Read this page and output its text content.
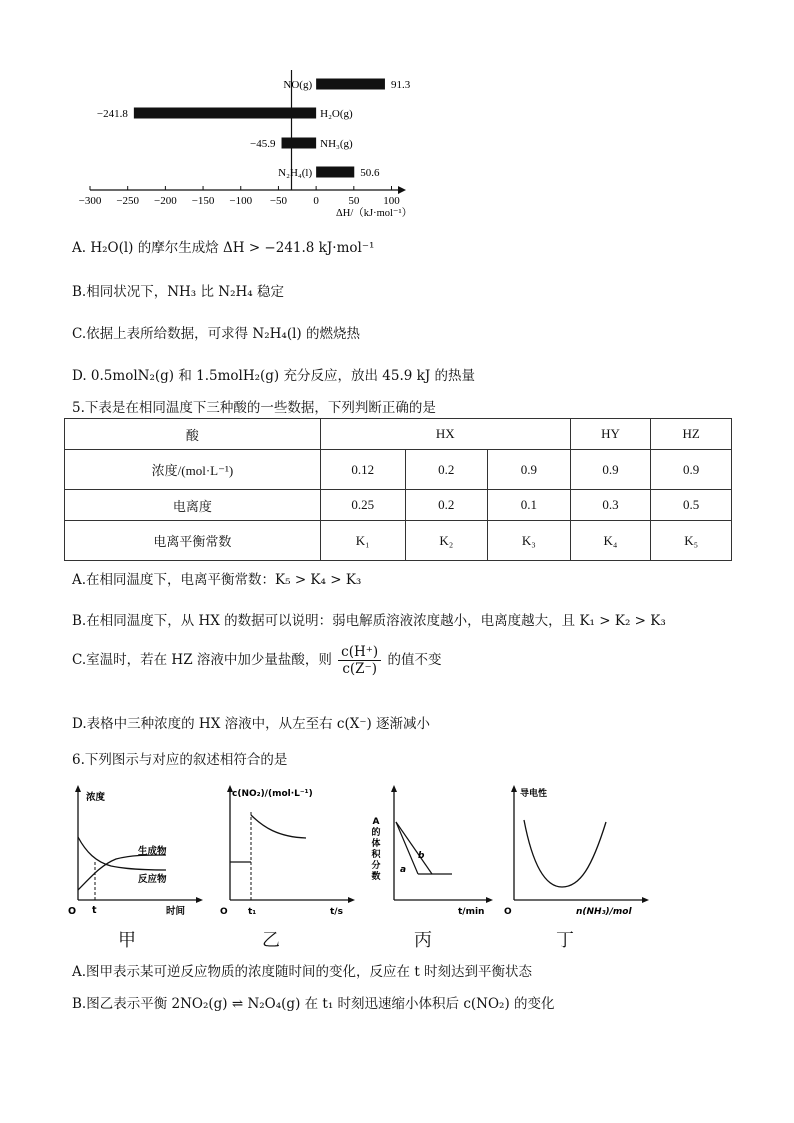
91.3
NO(g)
−241.8	H₂O(g)
−45.9	NH₃(g)
50.6
N₂H₄(l)
−300 −250 −200 −150 −100 −50 0	50 100
ΔH/（kJ·mol⁻¹）
A. H₂O(l) 的摩尔生成焓 ΔH > −241.8 kJ·mol⁻¹
B.相同状况下，NH₃ 比 N₂H₄ 稳定
C.依据上表所给数据，可求得 N₂H₄(l) 的燃烧热
D. 0.5molN₂(g) 和 1.5molH₂(g) 充分反应，放出 45.9 kJ 的热量
5.下表是在相同温度下三种酸的一些数据，下列判断正确的是
酸	HX			HY	HZ
浓度/(mol·L⁻¹)	0.12	0.2	0.9	0.9	0.9
电离度	0.25	0.2	0.1	0.3	0.5
电离平衡常数	K₁	K₂	K₃	K₄	K₅
A.在相同温度下，电离平衡常数：K₅ > K₄ > K₃
B.在相同温度下，从 HX 的数据可以说明：弱电解质溶液浓度越小，电离度越大，且 K₁ > K₂ > K₃
C.室温时，若在 HZ 溶液中加少量盐酸，则 $\frac{c(H^+)}{c(Z^-)}$ 的值不变
D.表格中三种浓度的 HX 溶液中，从左至右 c(X⁻) 逐渐减小
6.下列图示与对应的叙述相符合的是
浓度
时间
O t
生成物
反应物
c(NO₂)/(mol·L⁻¹)
t/s
O t₁
A 的体积分数
t/min
a
b
导电性
n(NH₃)/mol
O
甲	乙	丙	丁
A.图甲表示某可逆反应物质的浓度随时间的变化，反应在 t 时刻达到平衡状态
B.图乙表示平衡 2NO₂(g) ⇌ N₂O₄(g) 在 t₁ 时刻迅速缩小体积后 c(NO₂) 的变化
